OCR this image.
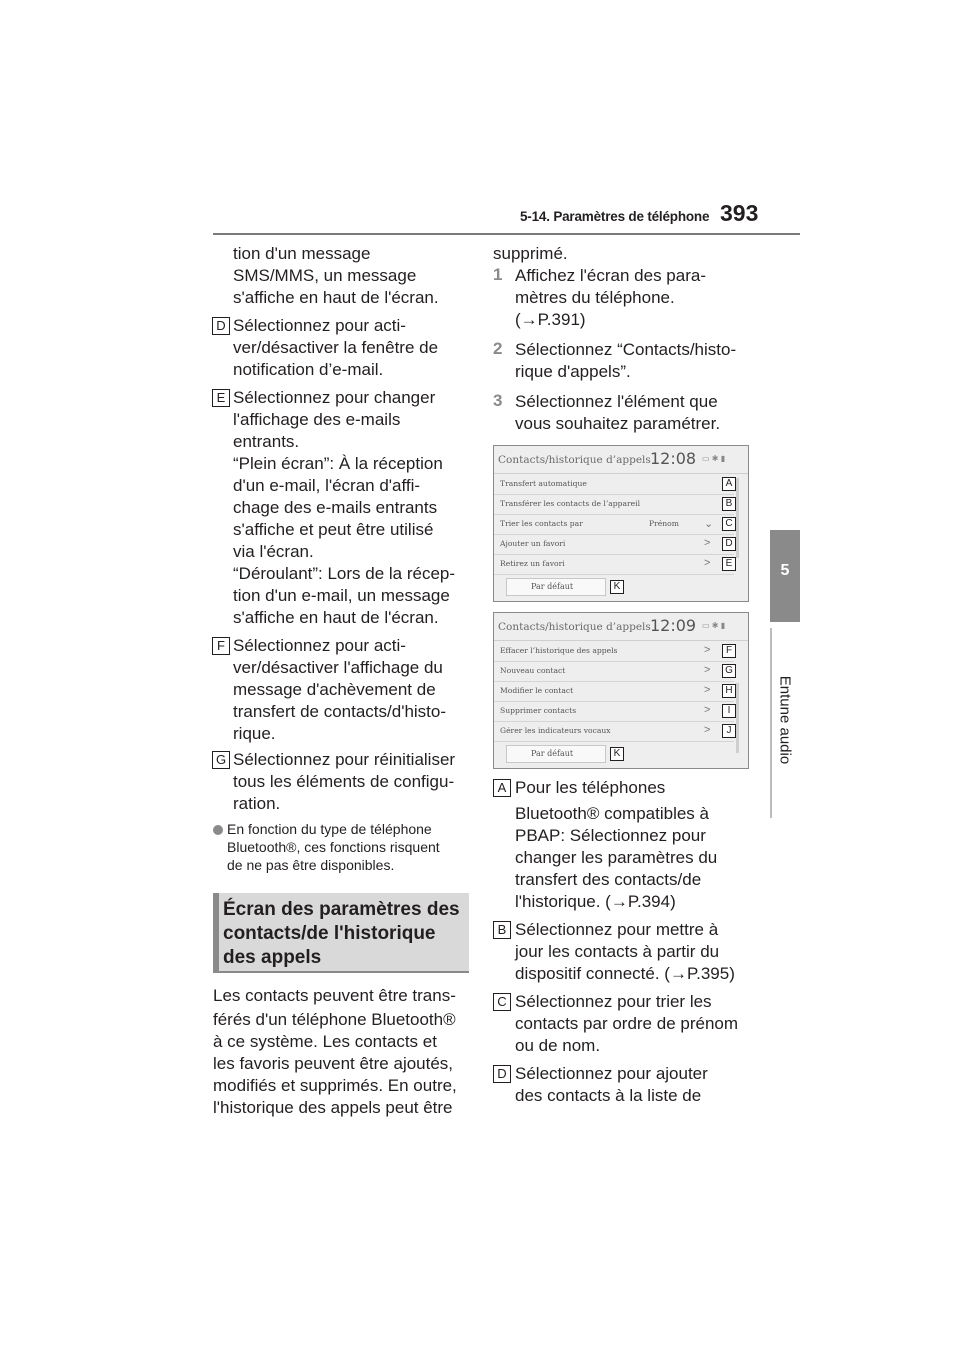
5-14. Paramètres de téléphone 393
5
Entune audio
tion d'un message
SMS/MMS, un message
s'affiche en haut de l'écran.
D Sélectionnez pour acti-
ver/désactiver la fenêtre de
notification d’e-mail.
E Sélectionnez pour changer
l'affichage des e-mails
entrants.
“Plein écran”: À la réception
d'un e-mail, l'écran d'affi-
chage des e-mails entrants
s'affiche et peut être utilisé
via l'écran.
“Déroulant”: Lors de la récep-
tion d'un e-mail, un message
s'affiche en haut de l'écran.
F Sélectionnez pour acti-
ver/désactiver l'affichage du
message d'achèvement de
transfert de contacts/d'histo-
rique.
G Sélectionnez pour réinitialiser
tous les éléments de configu-
ration.
En fonction du type de téléphone
Bluetooth®, ces fonctions risquent
de ne pas être disponibles.
Écran des paramètres des
contacts/de l'historique
des appels
Les contacts peuvent être trans-
férés d'un téléphone Bluetooth®
à ce système. Les contacts et
les favoris peuvent être ajoutés,
modifiés et supprimés. En outre,
l'historique des appels peut être
supprimé.
1 Affichez l'écran des para-
mètres du téléphone.
(→P.391)
2 Sélectionnez “Contacts/histo-
rique d'appels”.
3 Sélectionnez l'élément que
vous souhaitez paramétrer.
Contacts/historique d’appels 12:08 ▭ ✱ ▮
Transfert automatique
Transférer les contacts de l’appareil
Trier les contacts par	Prénom ⌄
Ajouter un favori	>
Retirez un favori	>
Par défaut
A
B
C
D
E
K
Contacts/historique d’appels 12:09 ▭ ✱ ▮
Effacer l’historique des appels	>
Nouveau contact	>
Modifier le contact	>
Supprimer contacts	>
Gérer les indicateurs vocaux	>
Par défaut
F
G
H
I
J
K
A Pour les téléphones
Bluetooth® compatibles à
PBAP: Sélectionnez pour
changer les paramètres du
transfert des contacts/de
l'historique. (→P.394)
B Sélectionnez pour mettre à
jour les contacts à partir du
dispositif connecté. (→P.395)
C Sélectionnez pour trier les
contacts par ordre de prénom
ou de nom.
D Sélectionnez pour ajouter
des contacts à la liste de
